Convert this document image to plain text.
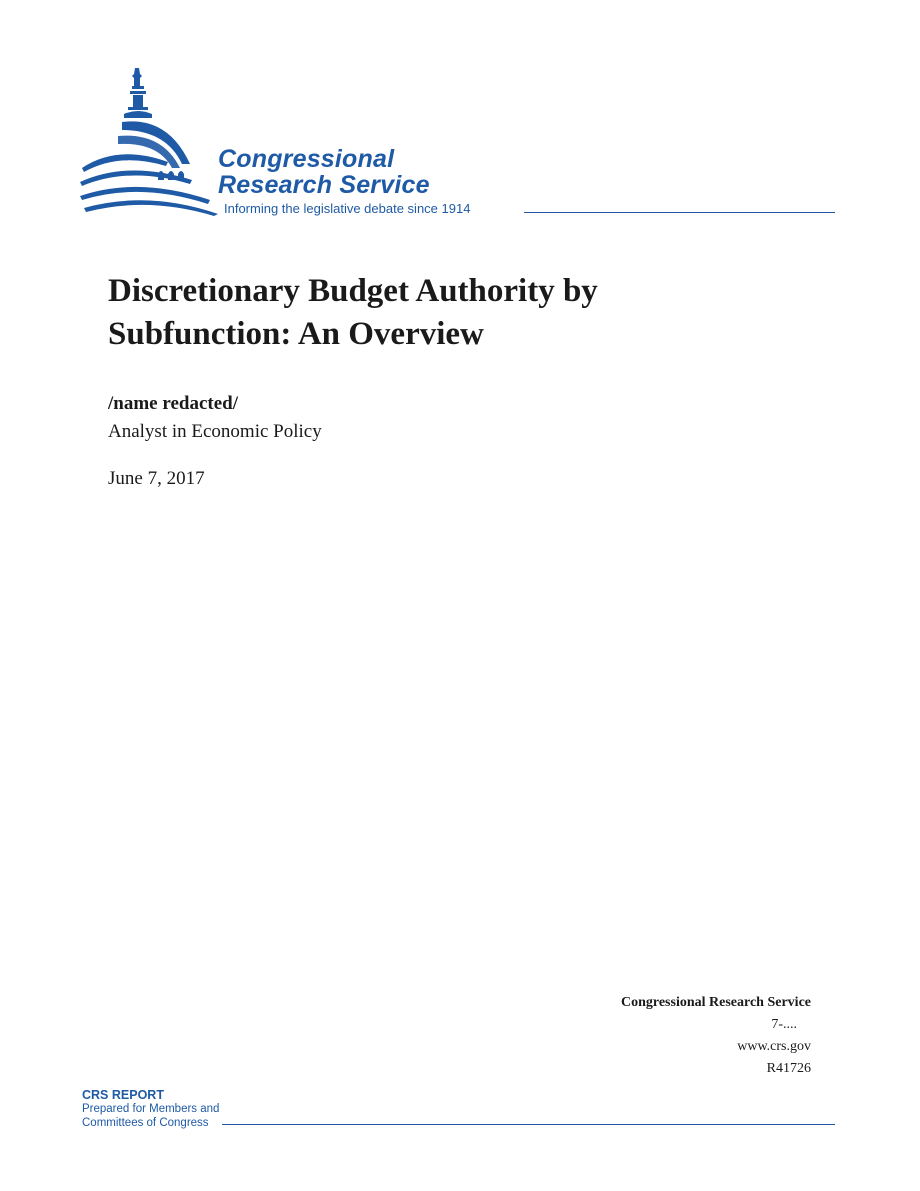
Congressional
Research Service
Informing the legislative debate since 1914
Discretionary Budget Authority by
Subfunction: An Overview
/name redacted/
Analyst in Economic Policy
June 7, 2017
Congressional Research Service
7-....
www.crs.gov
R41726
CRS REPORT
Prepared for Members and
Committees of Congress
